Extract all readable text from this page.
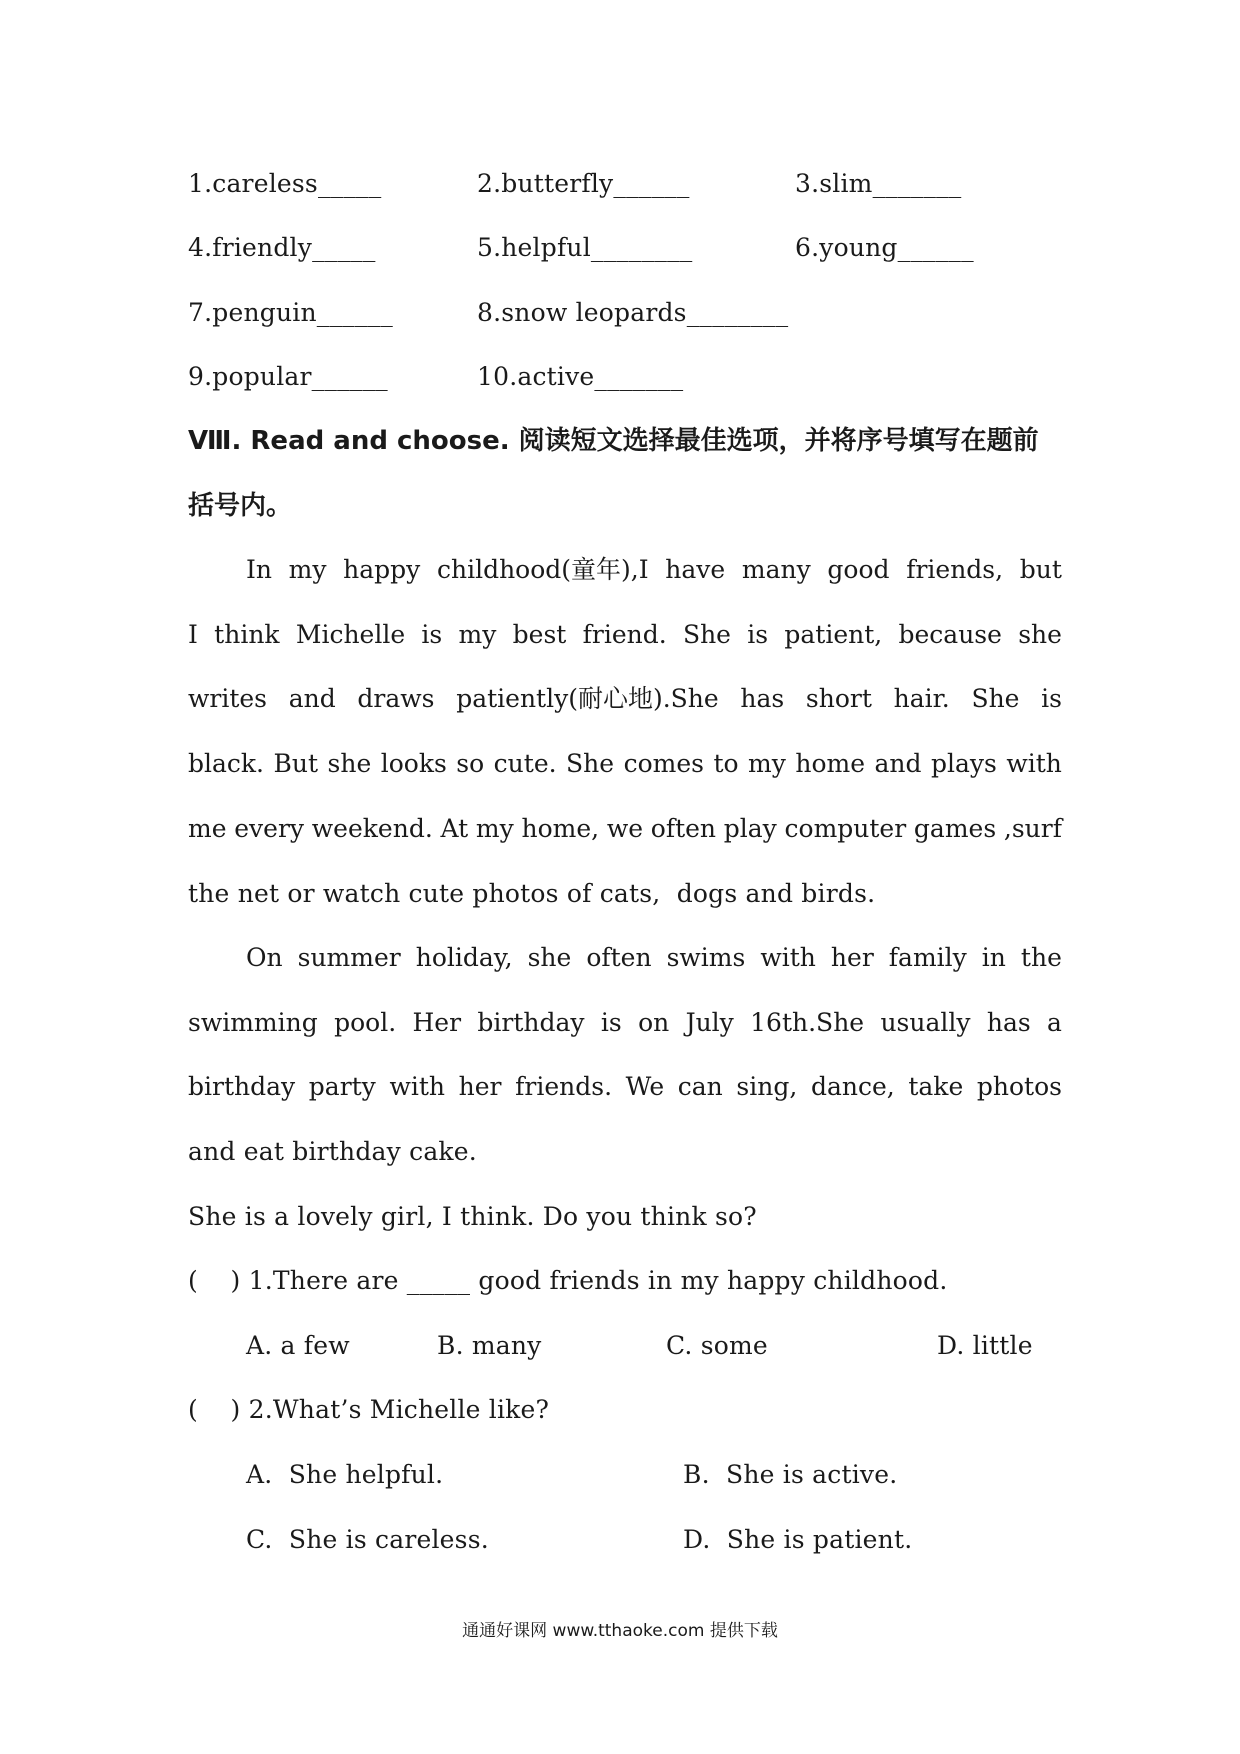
1.careless_____	2.butterfly______	3.slim_______
4.friendly_____	5.helpful________	6.young______
7.penguin______	8.snow leopards________
9.popular______	10.active_______
Ⅷ. Read and choose. 阅读短文选择最佳选项，并将序号填写在题前
括号内。
In my happy childhood(童年),I have many good friends, but
I think Michelle is my best friend. She is patient, because she
writes and draws patiently(耐心地).She has short hair. She is
black. But she looks so cute. She comes to my home and plays with
me every weekend. At my home, we often play computer games ,surf
the net or watch cute photos of cats,  dogs and birds.
On summer holiday, she often swims with her family in the
swimming pool. Her birthday is on July 16th.She usually has a
birthday party with her friends. We can sing, dance, take photos
and eat birthday cake.
She is a lovely girl, I think. Do you think so?
(    ) 1.There are _____ good friends in my happy childhood.
A. a few	B. many	C. some	D. little
(    ) 2.What’s Michelle like?
A.  She helpful.	B.  She is active.
C.  She is careless.	D.  She is patient.
通通好课网 www.tthaoke.com 提供下载
